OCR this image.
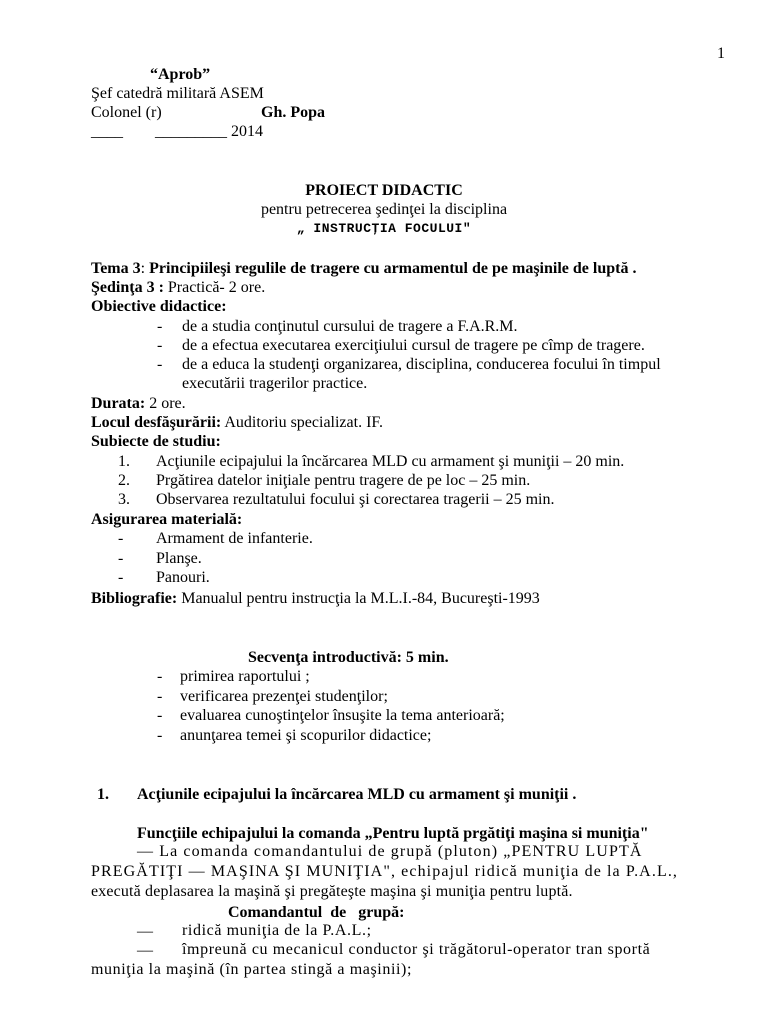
1
“Aprob”
Şef catedră militară ASEM
Colonel (r)	Gh. Popa
____        _________ 2014
PROIECT DIDACTIC
pentru petrecerea şedinţei la disciplina
„ INSTRUCŢIA FOCULUI"
Tema 3: Principiileşi regulile de tragere cu armamentul de pe maşinile de luptă .
Şedinţa 3 : Practică- 2 ore.
Obiective didactice:
- de a studia conţinutul cursului de tragere a F.A.R.M.
- de a efectua executarea exerciţiului cursul de tragere pe cîmp de tragere.
- de a educa la studenţi organizarea, disciplina, conducerea focului în timpul
executării tragerilor practice.
Durata: 2 ore.
Locul desfăşurării: Auditoriu specializat. IF.
Subiecte de studiu:
1. Acţiunile ecipajului la încărcarea MLD cu armament şi muniţii – 20 min.
2. Prgătirea datelor iniţiale pentru tragere de pe loc – 25 min.
3. Observarea rezultatului focului şi corectarea tragerii – 25 min.
Asigurarea materială:
- Armament de infanterie.
- Planşe.
- Panouri.
Bibliografie: Manualul pentru instrucţia la M.L.I.-84, Bucureşti-1993
Secvenţa introductivă: 5 min.
- primirea raportului ;
- verificarea prezenţei studenţilor;
- evaluarea cunoştinţelor însuşite la tema anterioară;
- anunţarea temei şi scopurilor didactice;
1. Acţiunile ecipajului la încărcarea MLD cu armament şi muniţii .
Funcţiile echipajului la comanda „Pentru luptă prgătiţi maşina si muniţia"
— La comanda comandantului de grupă (pluton) „PENTRU LUPTĂ
PREGĂTIŢI — MAŞINA ŞI MUNIŢIA", echipajul ridică muniţia de la P.A.L.,
execută deplasarea la maşină şi pregăteşte maşina şi muniţia pentru luptă.
Comandantul  de   grupă:
— ridică muniţia de la P.A.L.;
— împreună cu mecanicul conductor şi trăgătorul-operator tran sportă
muniţia la maşină (în partea stingă a maşinii);
